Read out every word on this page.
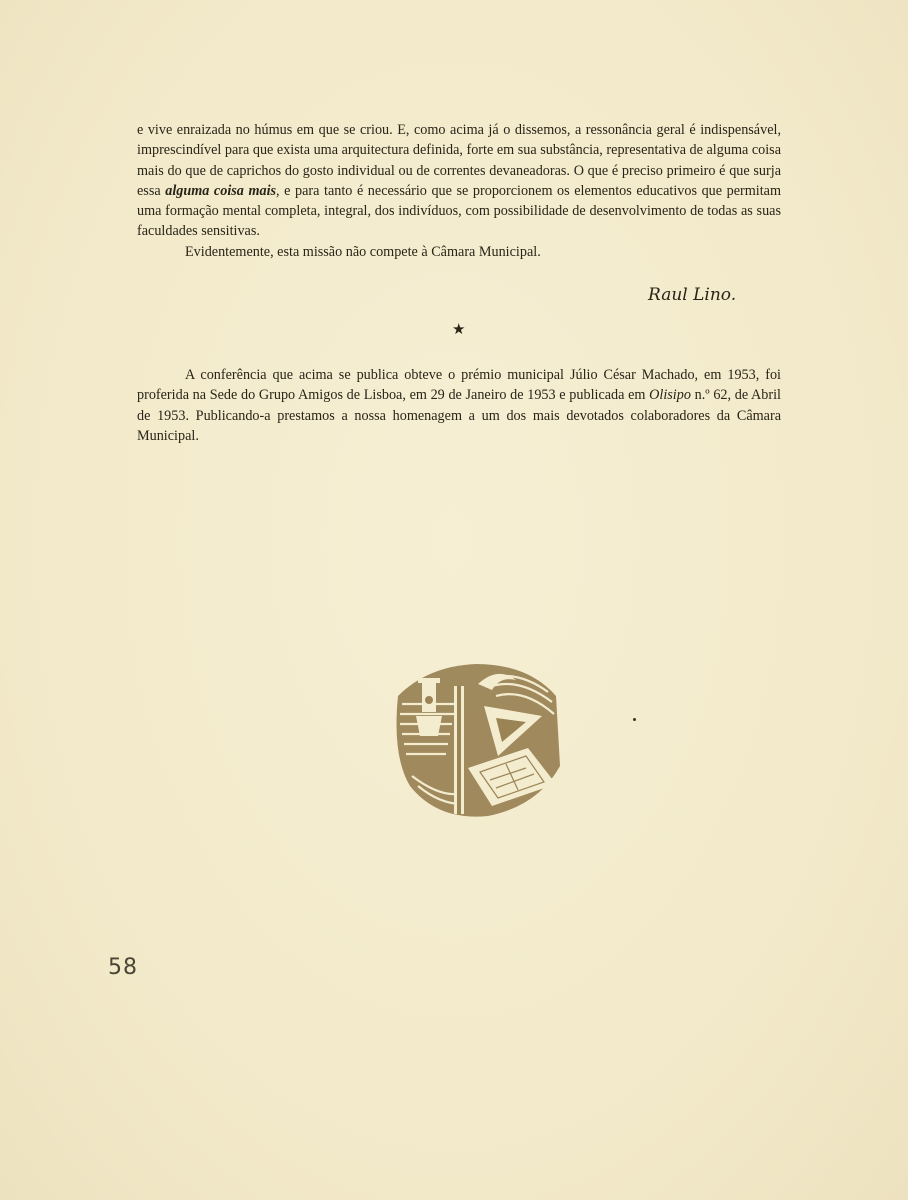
e vive enraizada no húmus em que se criou. E, como acima já o dissemos, a ressonância geral é indispensável, imprescindível para que exista uma arquitectura definida, forte em sua substância, representativa de alguma coisa mais do que de caprichos do gosto individual ou de correntes devaneadoras. O que é preciso primeiro é que surja essa alguma coisa mais, e para tanto é necessário que se proporcionem os elementos educativos que permitam uma formação mental completa, integral, dos indivíduos, com possibilidade de desenvolvimento de todas as suas faculdades sensitivas.

Evidentemente, esta missão não compete à Câmara Municipal.

Raul Lino.
★

A conferência que acima se publica obteve o prémio municipal Júlio César Machado, em 1953, foi proferida na Sede do Grupo Amigos de Lisboa, em 29 de Janeiro de 1953 e publicada em Olisipo n.º 62, de Abril de 1953. Publicando-a prestamos a nossa homenagem a um dos mais devotados colaboradores da Câmara Municipal.

58
